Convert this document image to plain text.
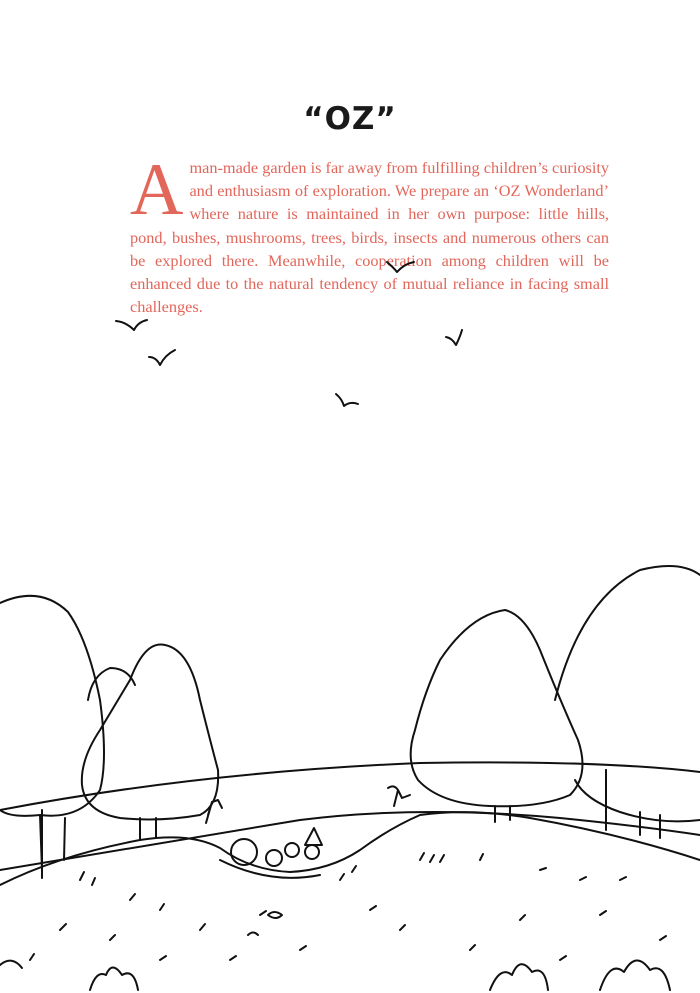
“OZ”

A man-made garden is far away from fulfilling children’s curiosity and enthusiasm of exploration. We prepare an ‘OZ Wonderland’ where nature is maintained in her own purpose: little hills, pond, bushes, mushrooms, trees, birds, insects and numerous others can be explored there. Meanwhile, cooperation among children will be enhanced due to the natural tendency of mutual reliance in facing small challenges.
